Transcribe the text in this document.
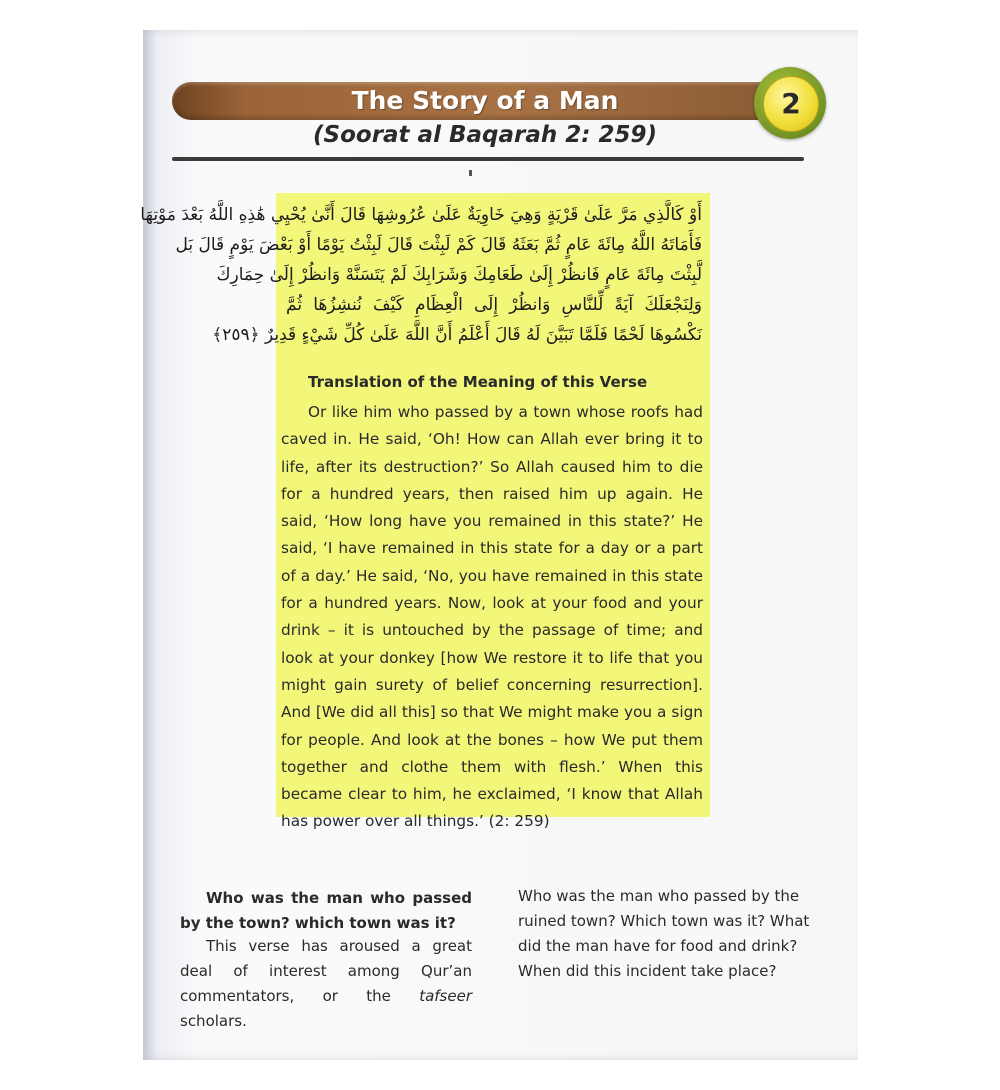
The Story of a Man	2
(Soorat al Baqarah 2: 259)
أَوْ كَالَّذِي مَرَّ عَلَىٰ قَرْيَةٍ وَهِيَ خَاوِيَةٌ عَلَىٰ عُرُوشِهَا قَالَ أَنَّىٰ يُحْيِي هَٰذِهِ اللَّهُ بَعْدَ مَوْتِهَا
فَأَمَاتَهُ اللَّهُ مِائَةَ عَامٍ ثُمَّ بَعَثَهُ قَالَ كَمْ لَبِثْتَ قَالَ لَبِثْتُ يَوْمًا أَوْ بَعْضَ يَوْمٍ قَالَ بَل
لَّبِثْتَ مِائَةَ عَامٍ فَانظُرْ إِلَىٰ طَعَامِكَ وَشَرَابِكَ لَمْ يَتَسَنَّهْ وَانظُرْ إِلَىٰ حِمَارِكَ
وَلِنَجْعَلَكَ آيَةً لِّلنَّاسِ وَانظُرْ إِلَى الْعِظَامِ كَيْفَ نُنشِزُهَا ثُمَّ
نَكْسُوهَا لَحْمًا فَلَمَّا تَبَيَّنَ لَهُ قَالَ أَعْلَمُ أَنَّ اللَّهَ عَلَىٰ كُلِّ شَيْءٍ قَدِيرٌ ﴿٢٥٩﴾
Translation of the Meaning of this Verse
Or like him who passed by a town whose roofs had caved in. He said, ‘Oh! How can Allah ever bring it to life, after its destruction?’ So Allah caused him to die for a hundred years, then raised him up again. He said, ‘How long have you remained in this state?’ He said, ‘I have remained in this state for a day or a part of a day.’ He said, ‘No, you have remained in this state for a hundred years. Now, look at your food and your drink – it is untouched by the passage of time; and look at your donkey [how We restore it to life that you might gain surety of belief concerning resurrection]. And [We did all this] so that We might make you a sign for people. And look at the bones – how We put them together and clothe them with flesh.’ When this became clear to him, he exclaimed, ‘I know that Allah has power over all things.’ (2: 259)
Who was the man who passed by the town? which town was it?
This verse has aroused a great deal of interest among Qur’an commentators, or the tafseer scholars.
Who was the man who passed by the ruined town? Which town was it? What did the man have for food and drink? When did this incident take place?
